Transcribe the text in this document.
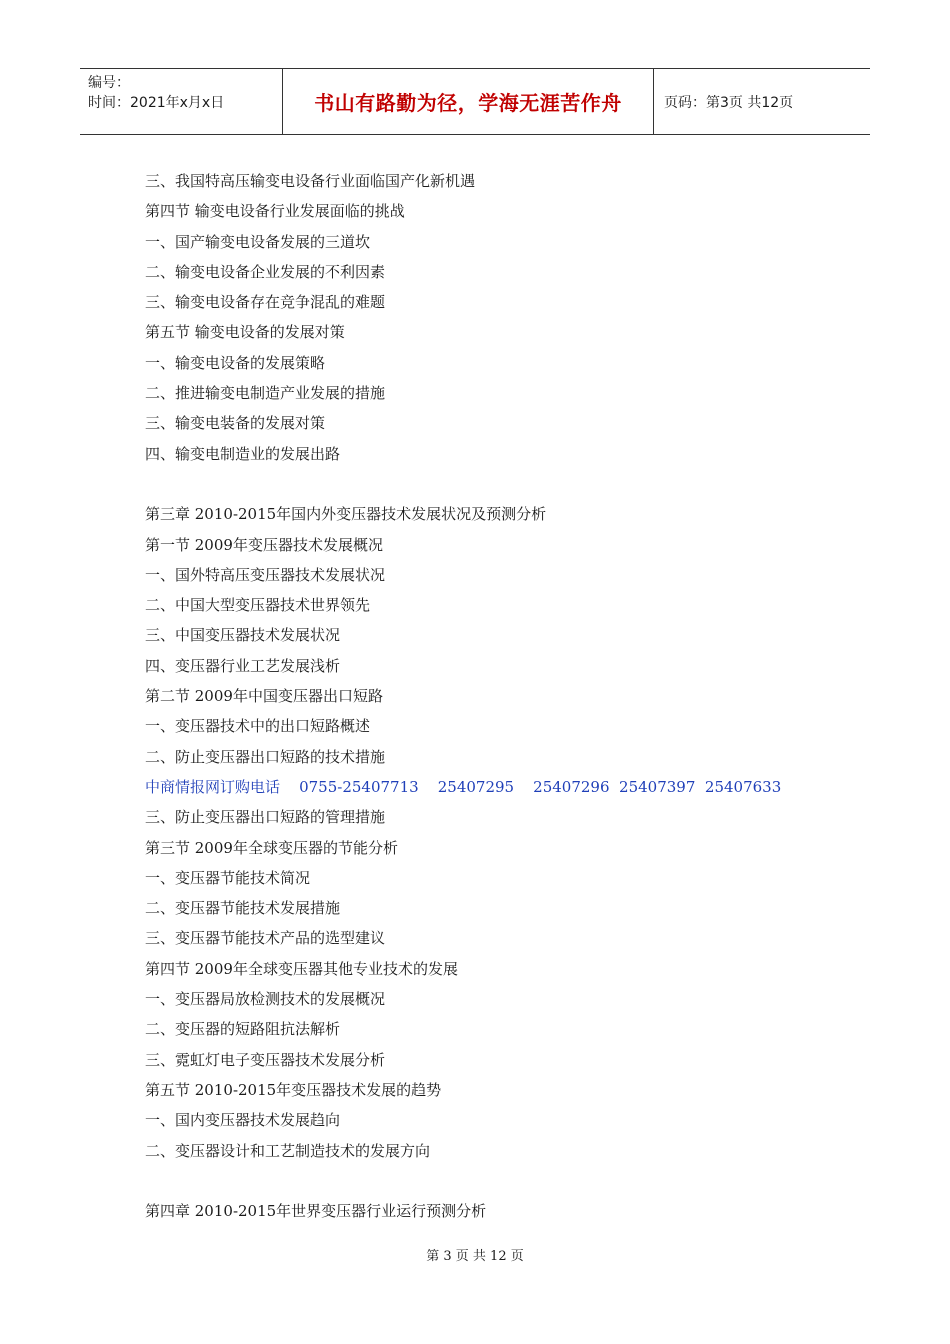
编号：
时间：2021年x月x日	书山有路勤为径，学海无涯苦作舟	页码：第3页 共12页
三、我国特高压输变电设备行业面临国产化新机遇
第四节 输变电设备行业发展面临的挑战
一、国产输变电设备发展的三道坎
二、输变电设备企业发展的不利因素
三、输变电设备存在竞争混乱的难题
第五节 输变电设备的发展对策
一、输变电设备的发展策略
二、推进输变电制造产业发展的措施
三、输变电装备的发展对策
四、输变电制造业的发展出路
第三章 2010-2015年国内外变压器技术发展状况及预测分析
第一节 2009年变压器技术发展概况
一、国外特高压变压器技术发展状况
二、中国大型变压器技术世界领先
三、中国变压器技术发展状况
四、变压器行业工艺发展浅析
第二节 2009年中国变压器出口短路
一、变压器技术中的出口短路概述
二、防止变压器出口短路的技术措施
中商情报网订购电话    0755-25407713    25407295    25407296  25407397  25407633
三、防止变压器出口短路的管理措施
第三节 2009年全球变压器的节能分析
一、变压器节能技术简况
二、变压器节能技术发展措施
三、变压器节能技术产品的选型建议
第四节 2009年全球变压器其他专业技术的发展
一、变压器局放检测技术的发展概况
二、变压器的短路阻抗法解析
三、霓虹灯电子变压器技术发展分析
第五节 2010-2015年变压器技术发展的趋势
一、国内变压器技术发展趋向
二、变压器设计和工艺制造技术的发展方向
第四章 2010-2015年世界变压器行业运行预测分析
第 3 页 共 12 页
